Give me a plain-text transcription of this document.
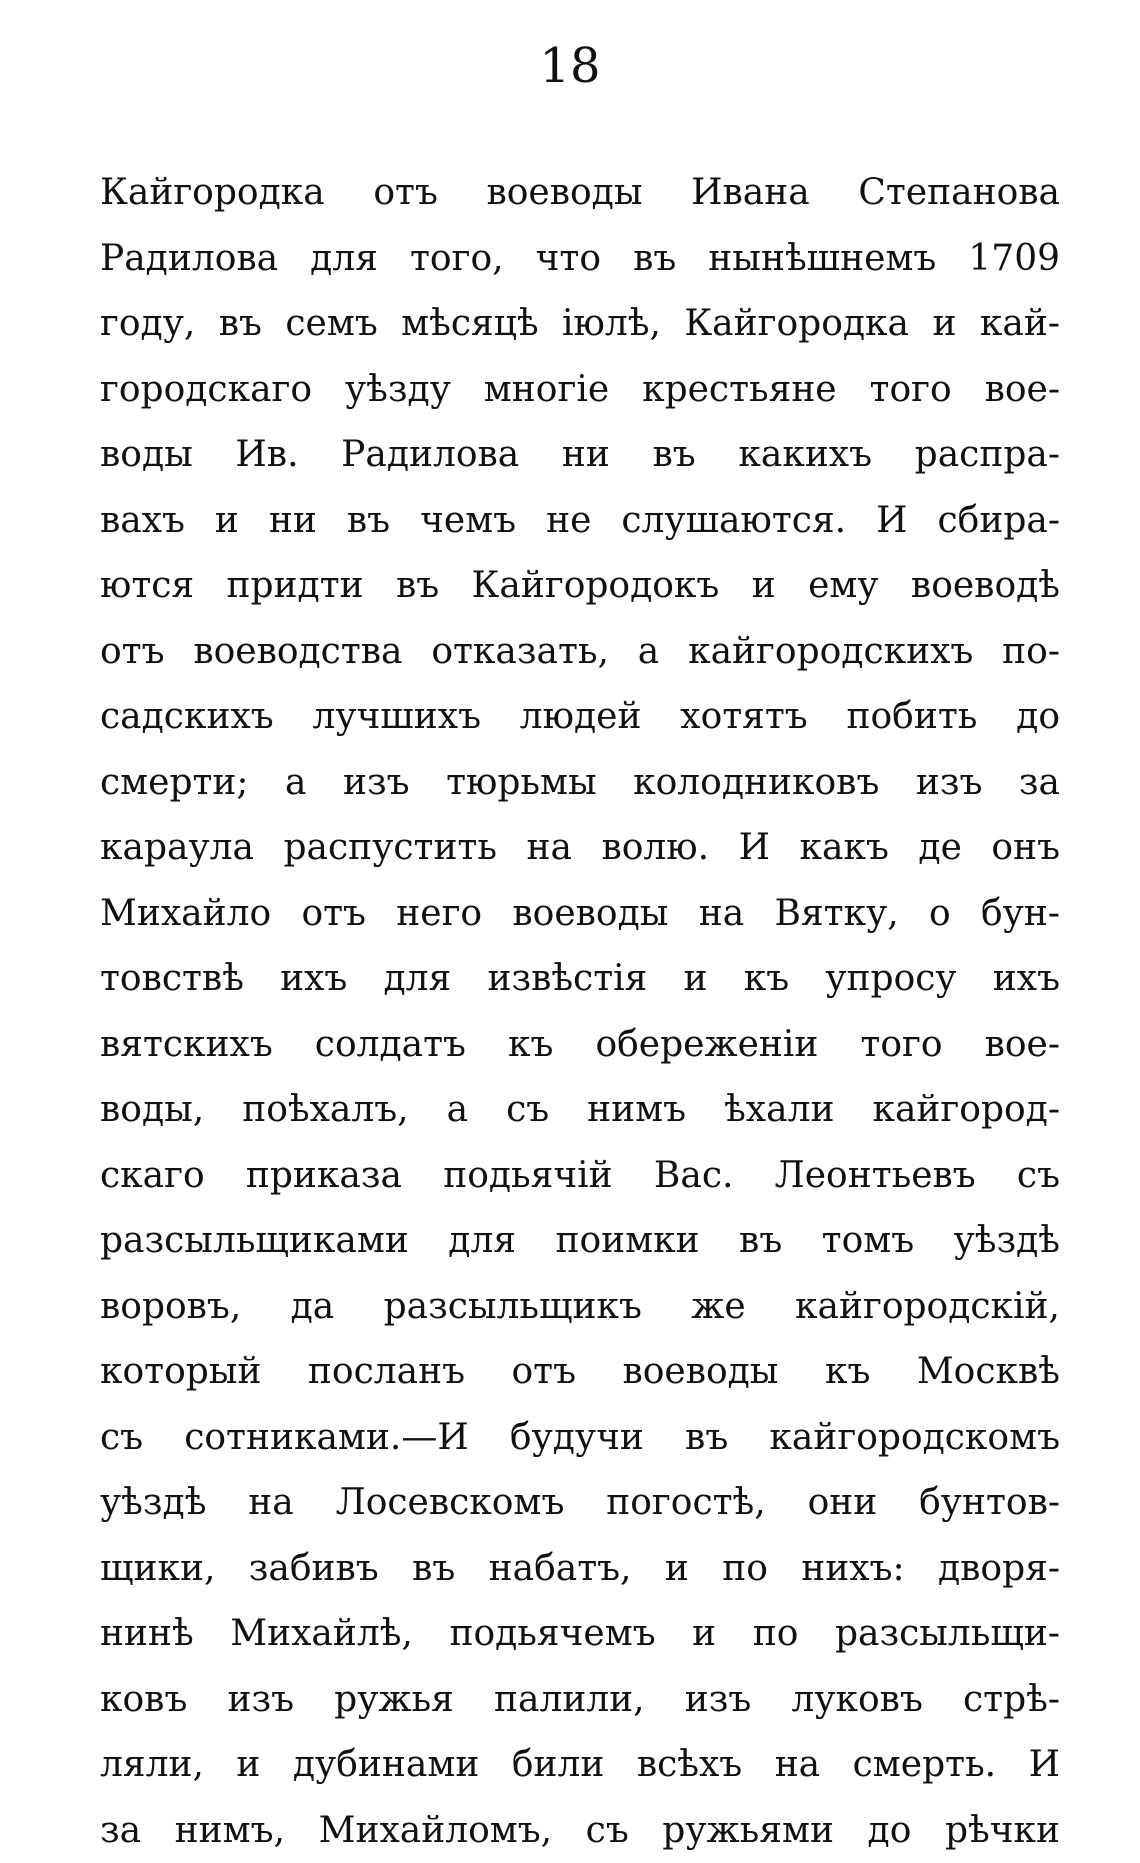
18
Кайгородка отъ воеводы Ивана Степанова
Радилова для того, что въ нынѣшнемъ 1709
году, въ семъ мѣсяцѣ іюлѣ, Кайгородка и кай-
городскаго уѣзду многіе крестьяне того вое-
воды Ив. Радилова ни въ какихъ распра-
вахъ и ни въ чемъ не слушаются. И сбира-
ются придти въ Кайгородокъ и ему воеводѣ
отъ воеводства отказать, а кайгородскихъ по-
садскихъ лучшихъ людей хотятъ побить до
смерти; а изъ тюрьмы колодниковъ изъ за
караула распустить на волю. И какъ де онъ
Михайло отъ него воеводы на Вятку, о бун-
товствѣ ихъ для извѣстія и къ упросу ихъ
вятскихъ солдатъ къ обереженіи того вое-
воды, поѣхалъ, а съ нимъ ѣхали кайгород-
скаго приказа подьячій Вас. Леонтьевъ съ
разсыльщиками для поимки въ томъ уѣздѣ
воровъ, да разсыльщикъ же кайгородскій,
который посланъ отъ воеводы къ Москвѣ
съ сотниками.—И будучи въ кайгородскомъ
уѣздѣ на Лосевскомъ погостѣ, они бунтов-
щики, забивъ въ набатъ, и по нихъ: дворя-
нинѣ Михайлѣ, подьячемъ и по разсыльщи-
ковъ изъ ружья палили, изъ луковъ стрѣ-
ляли, и дубинами били всѣхъ на смерть. И
за нимъ, Михайломъ, съ ружьями до рѣчки
